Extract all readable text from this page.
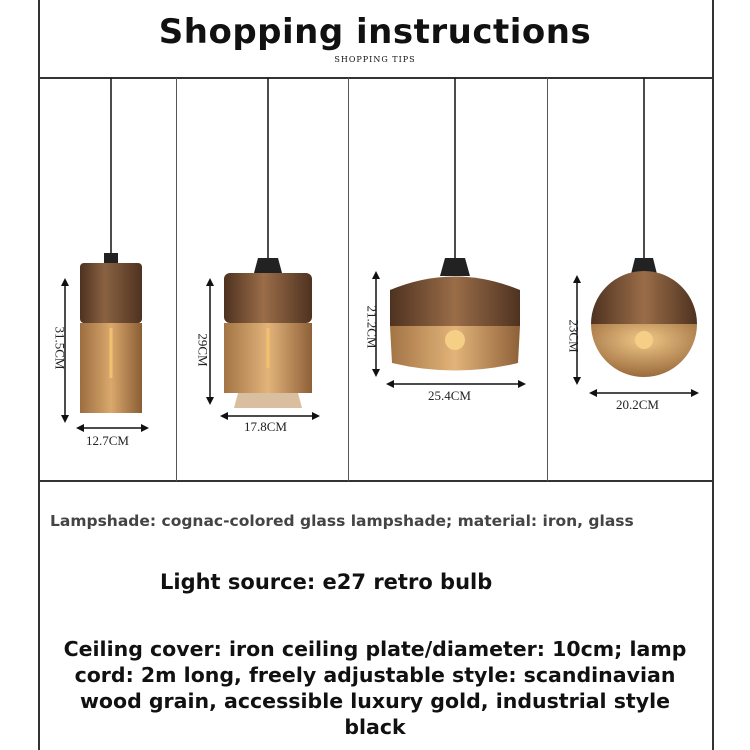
Shopping instructions
SHOPPING TIPS
31.5CM
12.7CM
29CM
17.8CM
21.2CM
25.4CM
23CM
20.2CM
Lampshade: cognac-colored glass lampshade; material: iron, glass
Light source: e27 retro bulb
Ceiling cover: iron ceiling plate/diameter: 10cm; lamp cord: 2m long, freely adjustable style: scandinavian wood grain, accessible luxury gold, industrial style black
